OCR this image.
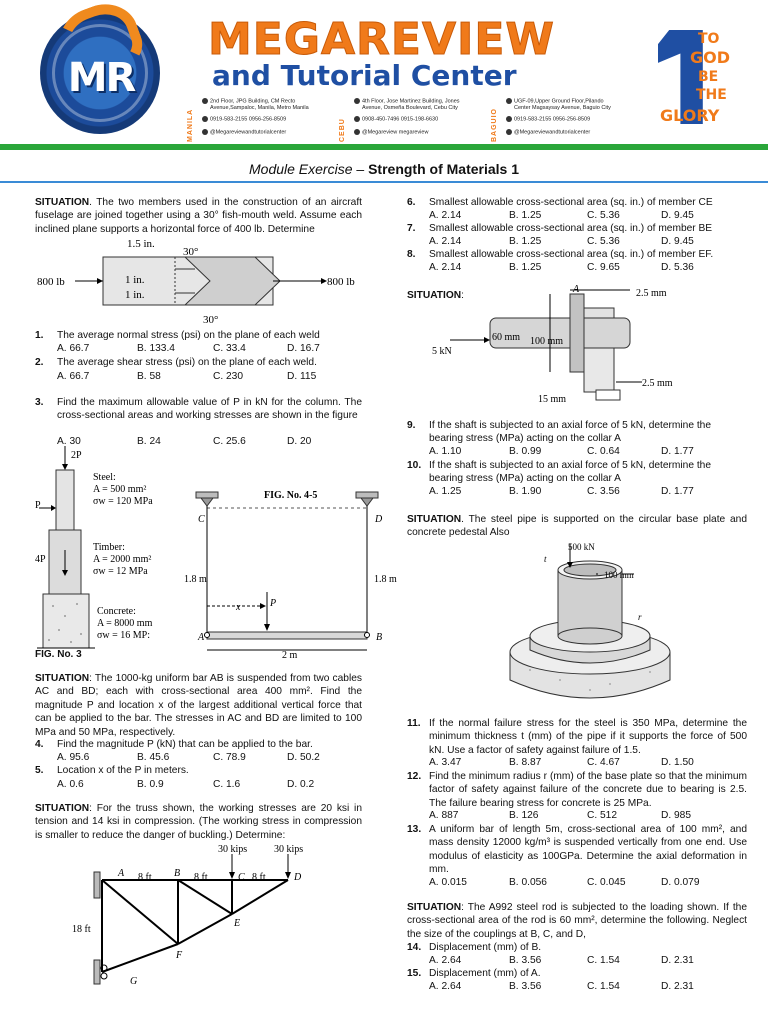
MR
MEGAREVIEW
and Tutorial Center
TO
GOD
BE
THE
GLORY
MANILA
2nd Floor, JPG Building, CM Recto
Avenue,Sampaloc, Manila, Metro Manila
0919-583-2155 0956-256-8509
@Megareviewandtutorialcenter	CEBU
4th Floor, Jose Martinez Building, Jones
Avenue, Osmeña Boulevard, Cebu City
0908-450-7496 0915-198-6630
@Megareview megareview	BAGUIO
UGF-09,Upper Ground Floor,Pilando
Center Magsaysay Avenue, Baguio City
0919-583-2155 0956-256-8509
@Megareviewandtutorialcenter
Module Exercise – Strength of Materials 1
SITUATION. The two members used in the construction of an aircraft fuselage are joined together using a 30° fish-mouth weld. Assume each inclined plane supports a horizontal force of 400 lb. Determine
800 lb	800 lb
1.5 in.
30°
1 in.
1 in.
30°
1. The average normal stress (psi) on the plane of each weld
A. 66.7	B. 133.4	C. 33.4	D. 16.7
2. The average shear stress (psi) on the plane of each weld.
A. 66.7	B. 58	C. 230	D. 115
3.	Find the maximum allowable value of P in kN for the column. The cross-sectional areas and working stresses are shown in the figure
A. 30	B. 24	C. 25.6	D. 20
2P
P
4P
Steel:
A = 500 mm²
σw = 120 MPa
Timber:
A = 2000 mm²
σw = 12 MPa
Concrete:
A = 8000 mm
σw = 16 MP:
FIG. No. 3
FIG. No. 4-5
C	D
A	B
1.8 m	1.8 m
2 m
x	P
SITUATION: The 1000-kg uniform bar AB is suspended from two cables AC and BD; each with cross-sectional area 400 mm². Find the magnitude P and location x of the largest additional vertical force that can be applied to the bar. The stresses in AC and BD are limited to 100 MPa and 50 MPa, respectively.
4. Find the magnitude P (kN) that can be applied to the bar.
A. 95.6	B. 45.6	C. 78.9	D. 50.2
5. Location x of the P in meters.
A. 0.6	B. 0.9	C. 1.6	D. 0.2
SITUATION: For the truss shown, the working stresses are 20 ksi in tension and 14 ksi in compression. (The working stress in compression is smaller to reduce the danger of buckling.) Determine:
30 kips	30 kips
8 ft	8 ft	8 ft
18 ft
A	B	C	D
E
F
G
6. Smallest allowable cross-sectional area (sq. in.) of member CE
A. 2.14	B. 1.25	C. 5.36	D. 9.45
7. Smallest allowable cross-sectional area (sq. in.) of member BE
A. 2.14	B. 1.25	C. 5.36	D. 9.45
8. Smallest allowable cross-sectional area (sq. in.) of member EF.
A. 2.14	B. 1.25	C. 9.65	D. 5.36
SITUATION:
A	2.5 mm
5 kN
60 mm 100 mm
2.5 mm
15 mm
9.	If the shaft is subjected to an axial force of 5 kN, determine the bearing stress (MPa) acting on the collar A
A. 1.10	B. 0.99	C. 0.64	D. 1.77
10. If the shaft is subjected to an axial force of 5 kN, determine the bearing stress (MPa) acting on the collar A
A. 1.25	B. 1.90	C. 3.56	D. 1.77
SITUATION. The steel pipe is supported on the circular base plate and concrete pedestal Also
500 kN
t
100 mm
r
11. If the normal failure stress for the steel is 350 MPa, determine the minimum thickness t (mm) of the pipe if it supports the force of 500 kN. Use a factor of safety against failure of 1.5.
A. 3.47	B. 8.87	C. 4.67	D. 1.50
12. Find the minimum radius r (mm) of the base plate so that the minimum factor of safety against failure of the concrete due to bearing is 2.5. The failure bearing stress for concrete is 25 MPa.
A. 887	B. 126	C. 512	D. 985
13. A uniform bar of length 5m, cross-sectional area of 100 mm², and mass density 12000 kg/m³ is suspended vertically from one end. Use modulus of elasticity as 100GPa. Determine the axial deformation in mm.
A. 0.015	B. 0.056	C. 0.045	D. 0.079
SITUATION: The A992 steel rod is subjected to the loading shown. If the cross-sectional area of the rod is 60 mm², determine the following. Neglect the size of the couplings at B, C, and D,
14. Displacement (mm) of B.
A. 2.64	B. 3.56	C. 1.54	D. 2.31
15. Displacement (mm) of A.
A. 2.64	B. 3.56	C. 1.54	D. 2.31
